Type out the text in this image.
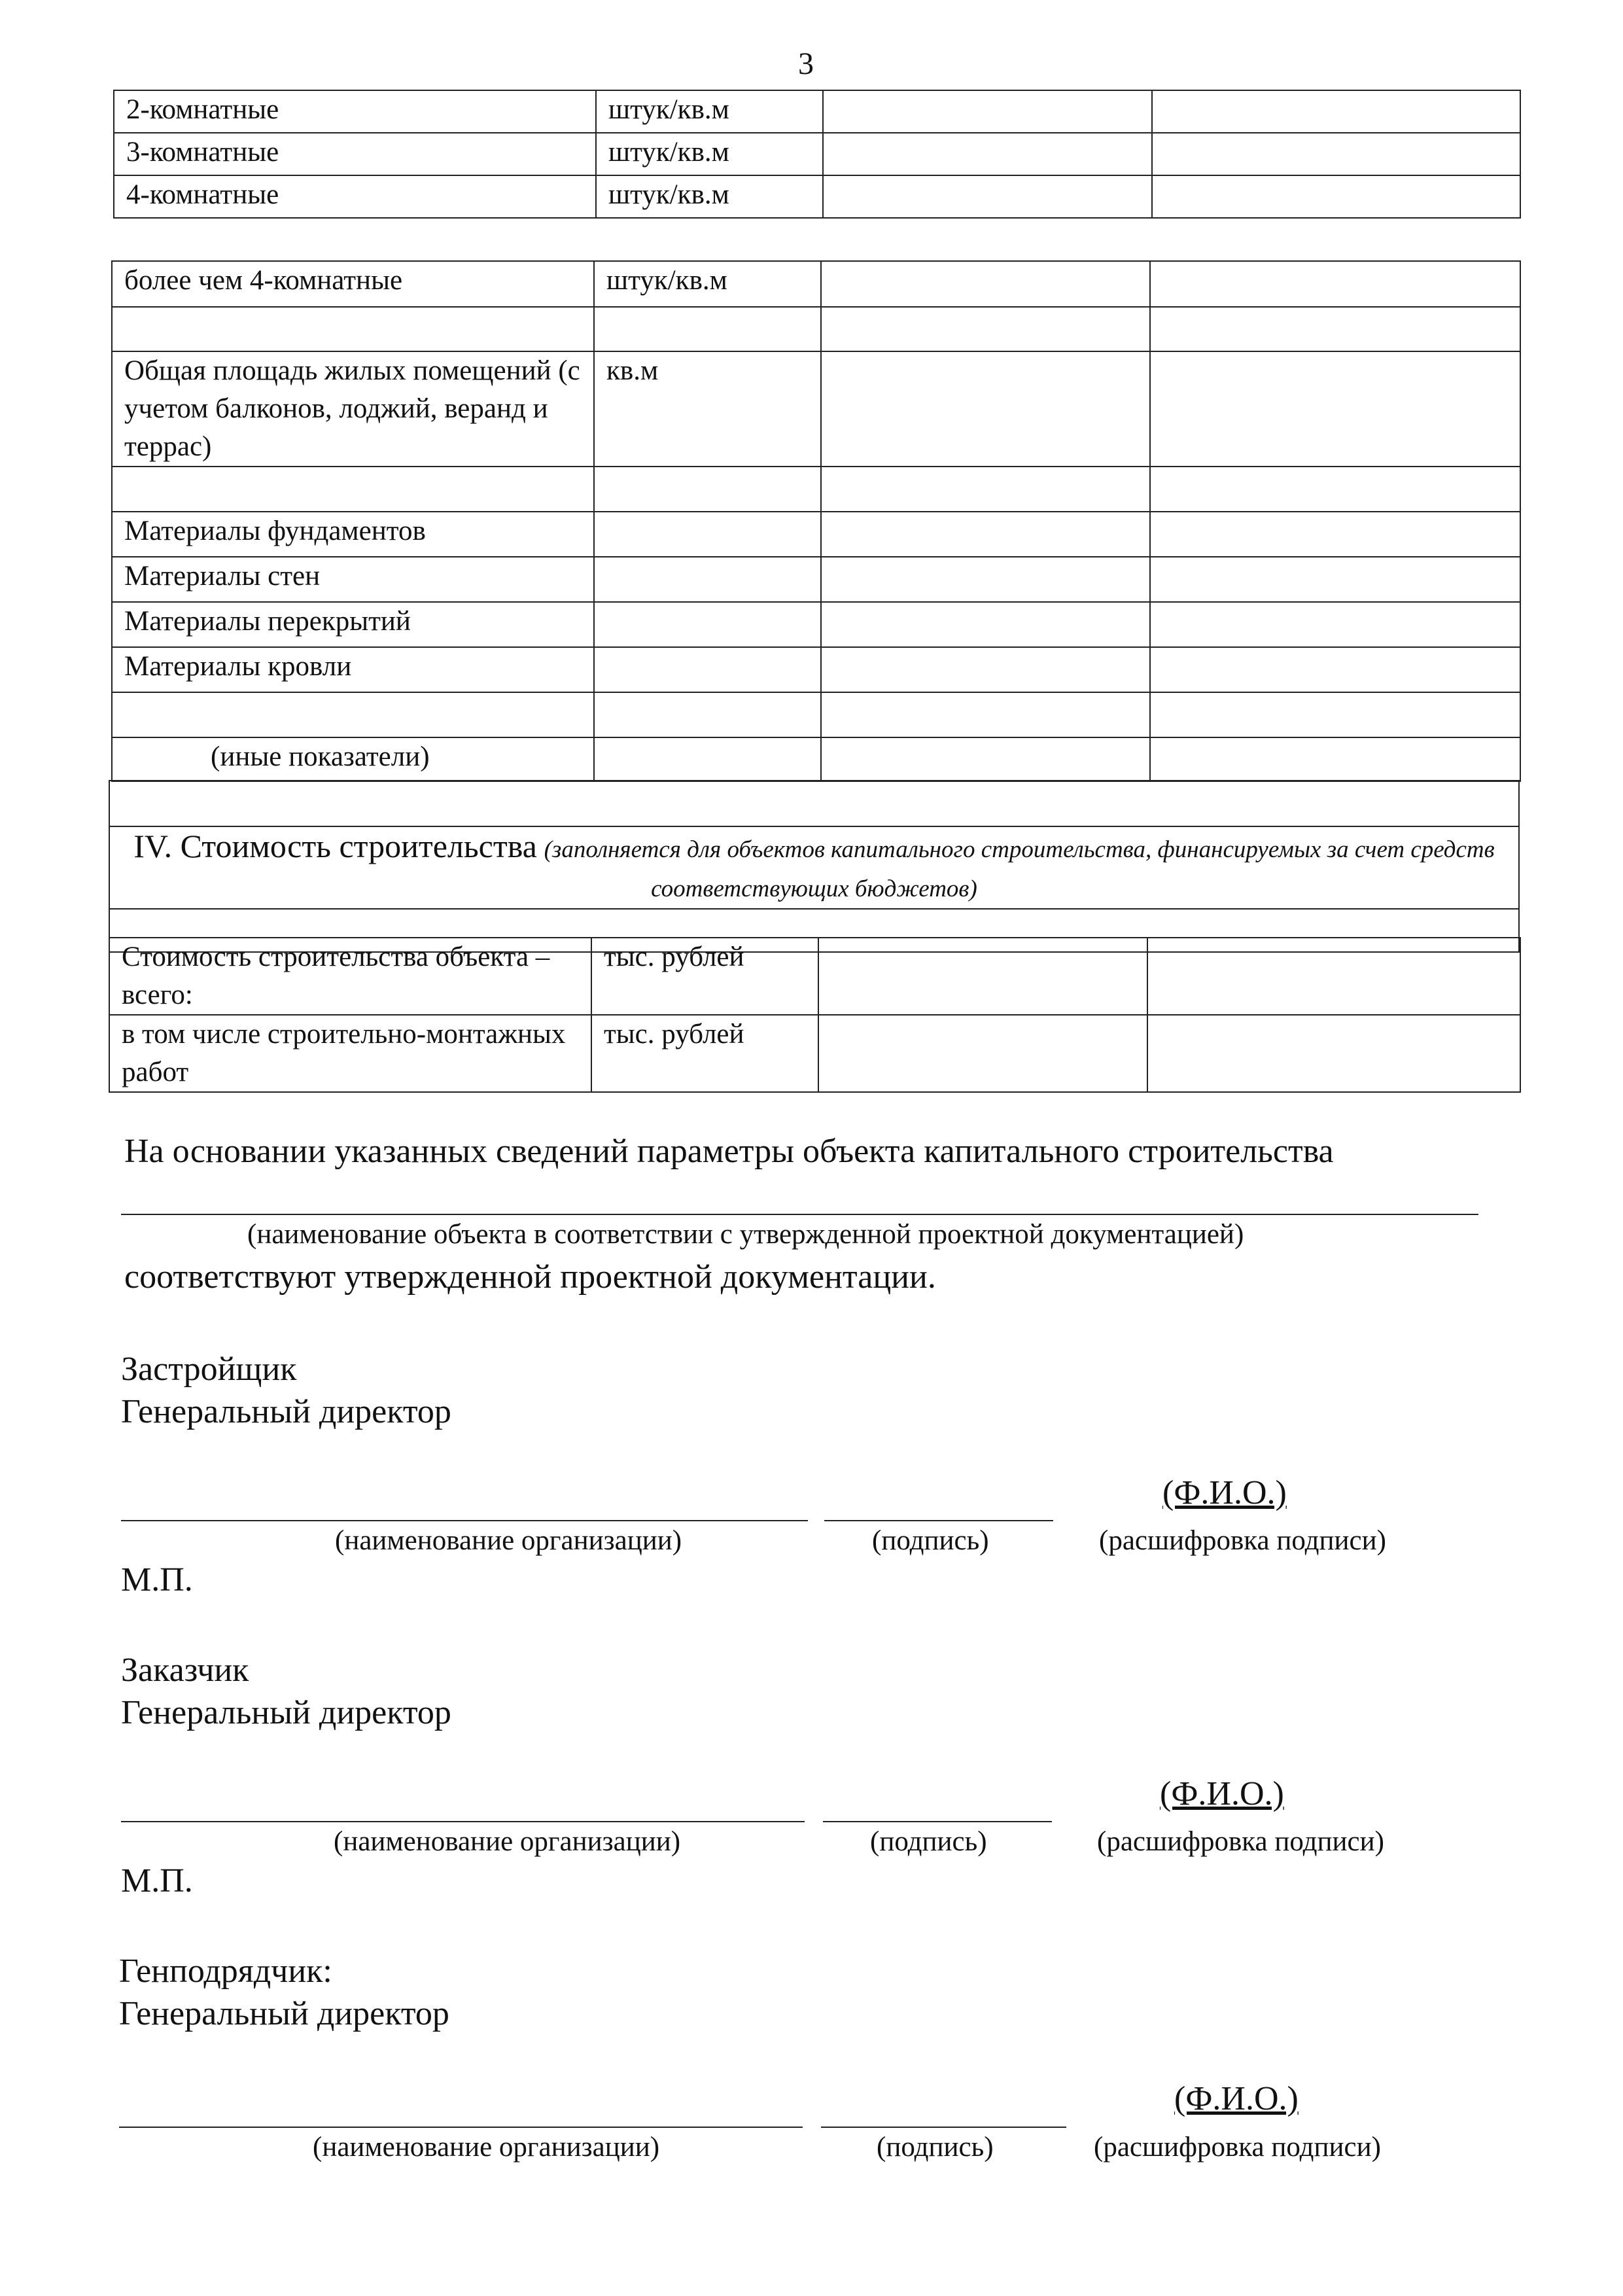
3
2-комнатные	штук/кв.м		
3-комнатные	штук/кв.м		
4-комнатные	штук/кв.м		
более чем 4-комнатные	штук/кв.м		

Общая площадь жилых помещений (с учетом балконов, лоджий, веранд и террас)	кв.м		

Материалы фундаментов			
Материалы стен			
Материалы перекрытий			
Материалы кровли			

(иные показатели)			

IV. Стоимость строительства (заполняется для объектов капитального строительства, финансируемых за счет средств соответствующих бюджетов)

Стоимость строительства объекта – всего:	тыс. рублей		
в том числе строительно-монтажных работ	тыс. рублей		
На основании указанных сведений параметры объекта капитального строительства
(наименование объекта в соответствии с утвержденной проектной документацией)
соответствуют утвержденной проектной документации.
Застройщик
Генеральный директор
(Ф.И.О.)
(наименование организации)	(подпись)	(расшифровка подписи)
М.П.
Заказчик
Генеральный директор
(Ф.И.О.)
(наименование организации)	(подпись)	(расшифровка подписи)
М.П.
Генподрядчик:
Генеральный директор
(Ф.И.О.)
(наименование организации)	(подпись)	(расшифровка подписи)
